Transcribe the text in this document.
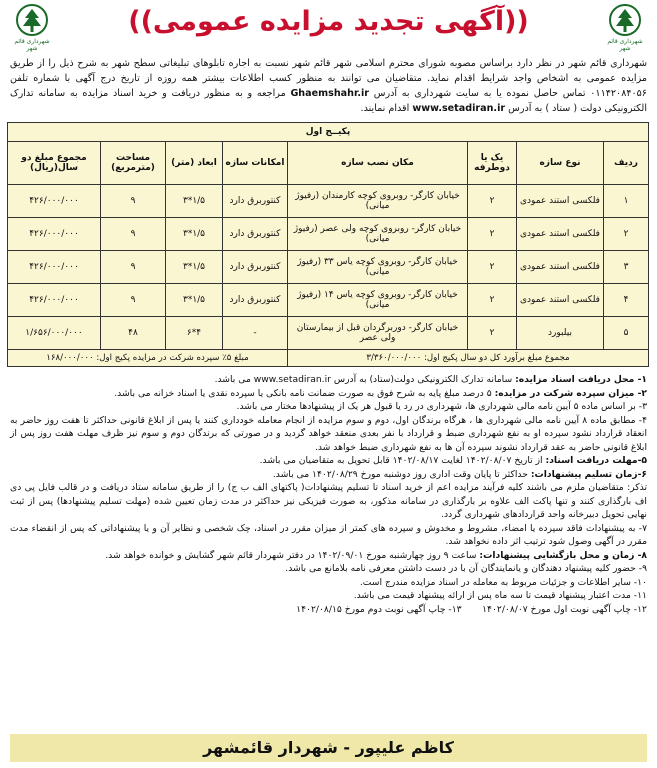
شهرداری قائم شهر
((آگهی تجدید مزایده عمومی))
شهرداری قائم شهر
شهرداری قائم شهر در نظر دارد براساس مصوبه شورای محترم اسلامی شهر قائم شهر نسبت به اجاره تابلوهای تبلیغاتی سطح شهر به شرح ذیل را از طریق مزایده عمومی به اشخاص واجد شرایط اقدام نماید. متقاضیان می توانند به منظور کسب اطلاعات بیشتر همه روزه از تاریخ درج آگهی با شماره تلفن ۰۱۱۴۲۰۸۴۰۵۶ تماس حاصل نموده یا به سایت شهرداری به آدرس Ghaemshahr.ir مراجعه و به منظور دریافت و خرید اسناد مزایده به سامانه تدارک الکترونیکی دولت ( ستاد ) به آدرس www.setadiran.ir اقدام نمایند.
پکیــج اول							
ردیف	نوع سازه	یک یا دوطرفه	مکان نصب سازه	امکانات سازه	ابعاد (متر)	مساحت (مترمربع)	مجموع مبلغ دو سال(ریال)
۱	فلکسی استند عمودی	۲	خیابان کارگر- روبروی کوچه کارمندان (رفیوژ میانی)	کنتوربرق دارد	۱/۵*۳	۹	۴۲۶/۰۰۰/۰۰۰
۲	فلکسی استند عمودی	۲	خیابان کارگر- روبروی کوچه ولی عصر (رفیوژ میانی)	کنتوربرق دارد	۱/۵*۳	۹	۴۲۶/۰۰۰/۰۰۰
۳	فلکسی استند عمودی	۲	خیابان کارگر- روبروی کوچه یاس ۳۳ (رفیوژ میانی)	کنتوربرق دارد	۱/۵*۳	۹	۴۲۶/۰۰۰/۰۰۰
۴	فلکسی استند عمودی	۲	خیابان کارگر- روبروی کوچه یاس ۱۴ (رفیوژ میانی)	کنتوربرق دارد	۱/۵*۳	۹	۴۲۶/۰۰۰/۰۰۰
۵	بیلبورد	۲	خیابان کارگر- دوربرگردان قبل از بیمارستان ولی عصر	-	۴*۶	۴۸	۱/۶۵۶/۰۰۰/۰۰۰
مجموع مبلغ برآورد کل دو سال پکیج اول: ۳/۳۶۰/۰۰۰/۰۰۰				مبلغ ۵٪ سپرده شرکت در مزایده پکیج اول: ۱۶۸/۰۰۰/۰۰۰			

۱- محل دریافت اسناد مزایده: سامانه تدارک الکترونیکی دولت(ستاد) به آدرس www.setadiran.ir می باشد.

۲- میزان سپرده شرکت در مزایده: ۵ درصد مبلغ پایه به شرح فوق به صورت ضمانت نامه بانکی یا سپرده نقدی یا اسناد خزانه می باشد.

۳- بر اساس ماده ۵ آیین نامه مالی شهرداری ها، شهرداری در رد یا قبول هر یک از پیشنهادها مختار می باشد.

۴- مطابق ماده ۸ آیین نامه مالی شهرداری ها ، هرگاه برندگان اول، دوم و سوم مزایده از انجام معامله خودداری کنند یا پس از ابلاغ قانونی حداکثر تا هفت روز حاضر به انعقاد قرارداد نشود سپرده او به نفع شهرداری ضبط و قرارداد با نفر بعدی منعقد خواهد گردید و در صورتی که برندگان دوم و سوم نیز ظرف مهلت هفت روز پس از ابلاغ قانونی حاضر به عقد قرارداد نشوند سپرده آن ها به نفع شهرداری ضبط خواهد شد.

۵-مهلت دریافت اسناد: از تاریخ ۱۴۰۲/۰۸/۰۷ لغایت ۱۴۰۲/۰۸/۱۷ قابل تحویل به متقاضیان می باشد.

۶-زمان تسلیم پیشنهادات: حداکثر تا پایان وقت اداری روز دوشنبه مورخ ۱۴۰۲/۰۸/۲۹ می باشد.

تذکر: متقاضیان ملزم می باشند کلیه فرآیند مزایده اعم از خرید اسناد تا تسلیم پیشنهادات( پاکتهای الف ب ج) را از طریق سامانه ستاد دریافت و در قالب فایل پی دی اف بارگذاری کنند و تنها پاکت الف علاوه بر بارگذاری در سامانه مذکور، به صورت فیزیکی نیز حداکثر در مدت زمان تعیین شده (مهلت تسلیم پیشنهادها) پس از ثبت نهایی تحویل دبیرخانه واحد قراردادهای شهرداری گردد.

۷- به پیشنهادات فاقد سپرده یا امضاء، مشروط و مخدوش و سپرده های کمتر از میزان مقرر در اسناد، چک شخصی و نظایر آن و یا پیشنهاداتی که پس از انقضاء مدت مقرر در آگهی وصول شود ترتیب اثر داده نخواهد شد.

۸- زمان و محل بازگشایی پیشنهادات: ساعت ۹ روز چهارشنبه مورخ ۱۴۰۲/۰۹/۰۱ در دفتر شهردار قائم شهر گشایش و خوانده خواهد شد.

۹- حضور کلیه پیشنهاد دهندگان و یانمایندگان آن با در دست داشتن معرفی نامه بلامانع می باشد.

۱۰- سایر اطلاعات و جزئیات مربوط به معامله در اسناد مزایده مندرج است.

۱۱- مدت اعتبار پیشنهاد قیمت تا سه ماه پس از ارائه پیشنهاد قیمت می باشد.

۱۲- چاپ آگهی نوبت اول مورخ ۱۴۰۲/۰۸/۰۷       ۱۳- چاپ آگهی نوبت دوم مورخ ۱۴۰۲/۰۸/۱۵

کاظم علیپور - شهردار قائمشهر
